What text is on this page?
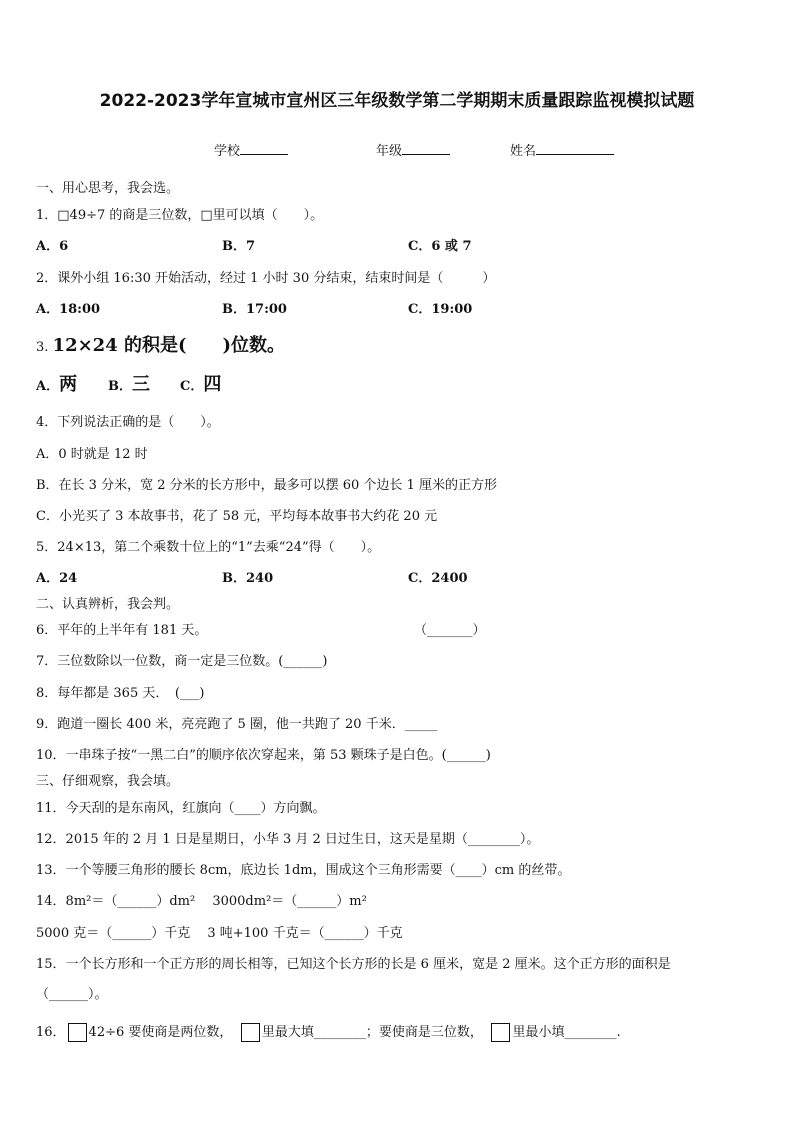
2022-2023学年宣城市宣州区三年级数学第二学期期末质量跟踪监视模拟试题
学校	年级	姓名
一、用心思考，我会选。
1．□49÷7 的商是三位数，□里可以填（　　）。
A．6	B．7	C．6 或 7
2．课外小组 16:30 开始活动，经过 1 小时 30 分结束，结束时间是（　　　）
A．18:00	B．17:00	C．19:00
3. 12×24 的积是(　　)位数。
A．两 B．三 C．四
4．下列说法正确的是（　　）。
A．0 时就是 12 时
B．在长 3 分米，宽 2 分米的长方形中，最多可以摆 60 个边长 1 厘米的正方形
C．小光买了 3 本故事书，花了 58 元，平均每本故事书大约花 20 元
5．24×13，第二个乘数十位上的“1”去乘“24”得（　　）。
A．24	B．240	C．2400
二、认真辨析，我会判。
6．平年的上半年有 181 天。	（_______）
7．三位数除以一位数，商一定是三位数。(______)
8．每年都是 365 天．　(___)
9．跑道一圈长 400 米，亮亮跑了 5 圈，他一共跑了 20 千米．_____
10．一串珠子按“一黑二白”的顺序依次穿起来，第 53 颗珠子是白色。(______)
三、仔细观察，我会填。
11．今天刮的是东南风，红旗向（____）方向飘。
12．2015 年的 2 月 1 日是星期日，小华 3 月 2 日过生日，这天是星期（________）。
13．一个等腰三角形的腰长 8cm，底边长 1dm，围成这个三角形需要（____）cm 的丝带。
14．8m²＝（______）dm²　 3000dm²＝（______）m²
5000 克＝（______）千克　 3 吨+100 千克＝（______）千克
15．一个长方形和一个正方形的周长相等，已知这个长方形的长是 6 厘米，宽是 2 厘米。这个正方形的面积是
（______）。
16． 42÷6 要使商是两位数，　	里最大填________；要使商是三位数，　	里最小填________.
